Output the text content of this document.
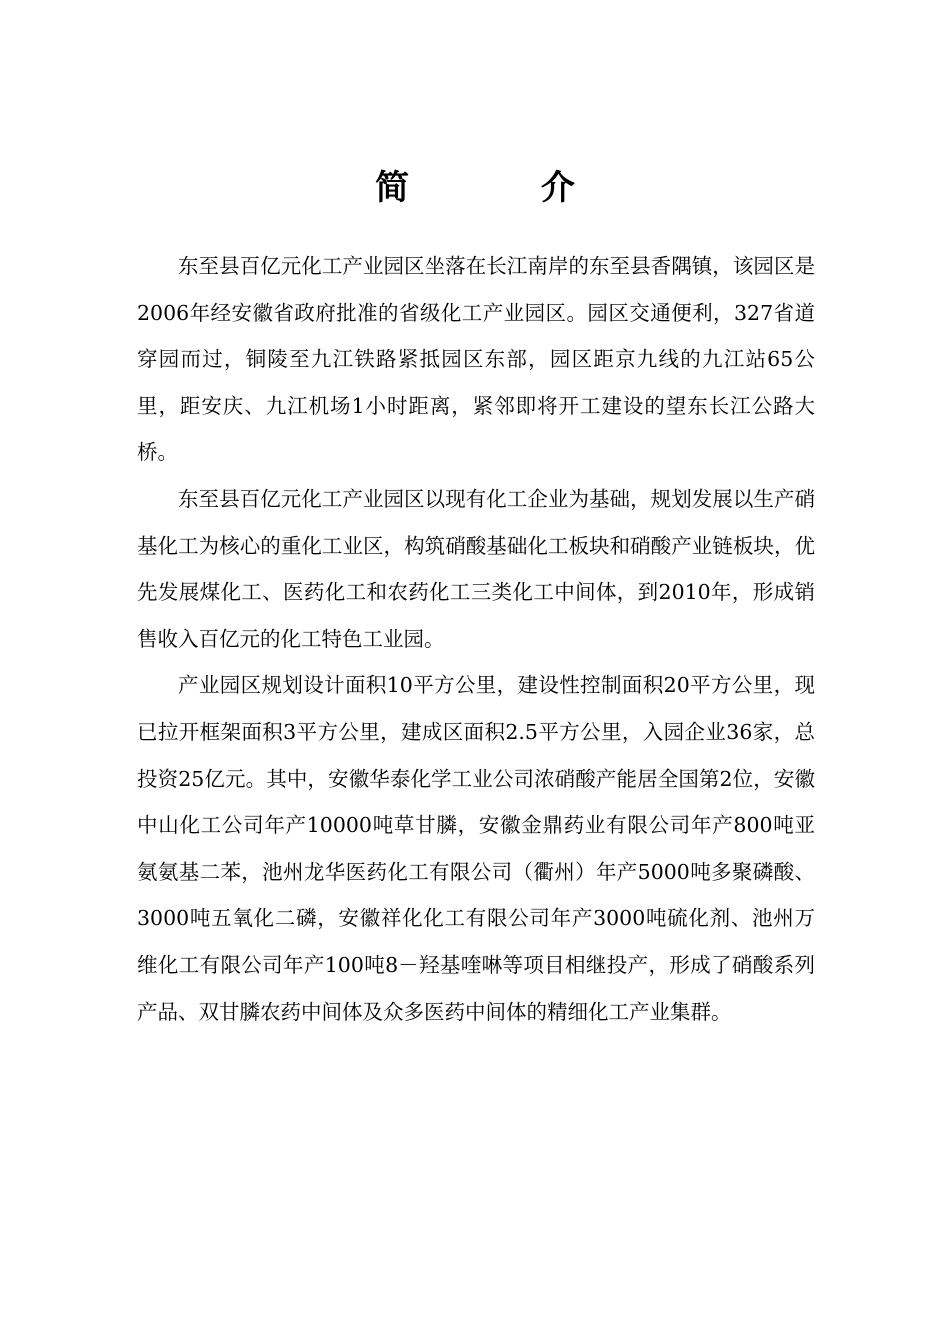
简 介

东至县百亿元化工产业园区坐落在长江南岸的东至县香隅镇，该园区是2006年经安徽省政府批准的省级化工产业园区。园区交通便利，327省道穿园而过，铜陵至九江铁路紧抵园区东部，园区距京九线的九江站65公里，距安庆、九江机场1小时距离，紧邻即将开工建设的望东长江公路大桥。

东至县百亿元化工产业园区以现有化工企业为基础，规划发展以生产硝基化工为核心的重化工业区，构筑硝酸基础化工板块和硝酸产业链板块，优先发展煤化工、医药化工和农药化工三类化工中间体，到2010年，形成销售收入百亿元的化工特色工业园。

产业园区规划设计面积10平方公里，建设性控制面积20平方公里，现已拉开框架面积3平方公里，建成区面积2.5平方公里，入园企业36家，总投资25亿元。其中，安徽华泰化学工业公司浓硝酸产能居全国第2位，安徽中山化工公司年产10000吨草甘膦，安徽金鼎药业有限公司年产800吨亚氨氨基二苯，池州龙华医药化工有限公司（衢州）年产5000吨多聚磷酸、3000吨五氧化二磷，安徽祥化化工有限公司年产3000吨硫化剂、池州万维化工有限公司年产100吨8－羟基喹啉等项目相继投产，形成了硝酸系列产品、双甘膦农药中间体及众多医药中间体的精细化工产业集群。
